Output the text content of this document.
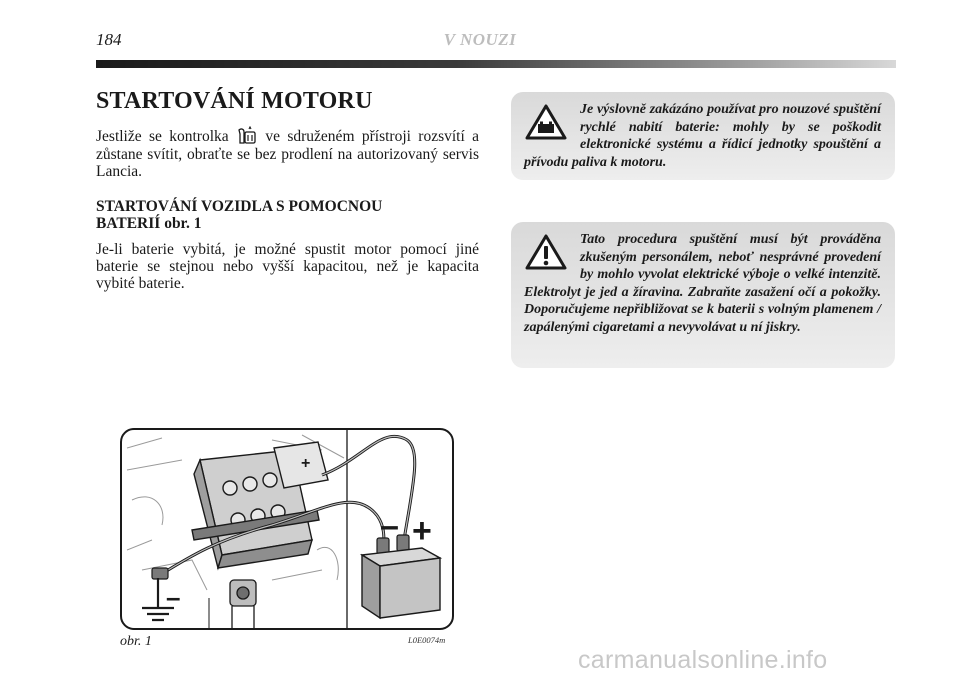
184	V NOUZI
STARTOVÁNÍ MOTORU

Jestliže se kontrolka ve sdruženém přístroji rozsvítí a zůstane svítit, obraťte se bez prodlení na autorizovaný servis Lancia.

STARTOVÁNÍ VOZIDLA S POMOCNOU
BATERIÍ obr. 1

Je-li baterie vybitá, je možné spustit motor pomocí jiné baterie se stejnou nebo vyšší kapacitou, než je kapacita vybité baterie.

Je výslovně zakázáno používat pro nouzové spuštění rychlé nabití baterie: mohly by se poškodit elektronické systému a řídicí jednotky spouštění a přívodu paliva k motoru.

Tato procedura spuštění musí být prováděna zkušeným personálem, neboť nesprávné provedení by mohlo vyvolat elektrické výboje o velké intenzitě. Elektrolyt je jed a žíravina. Zabraňte zasažení očí a pokožky. Doporučujeme nepřibližovat se k baterii s volným plamenem / zapálenými cigaretami a nevyvolávat u ní jiskry.

+
–
– +
obr. 1	L0E0074m
carmanualsonline.info
